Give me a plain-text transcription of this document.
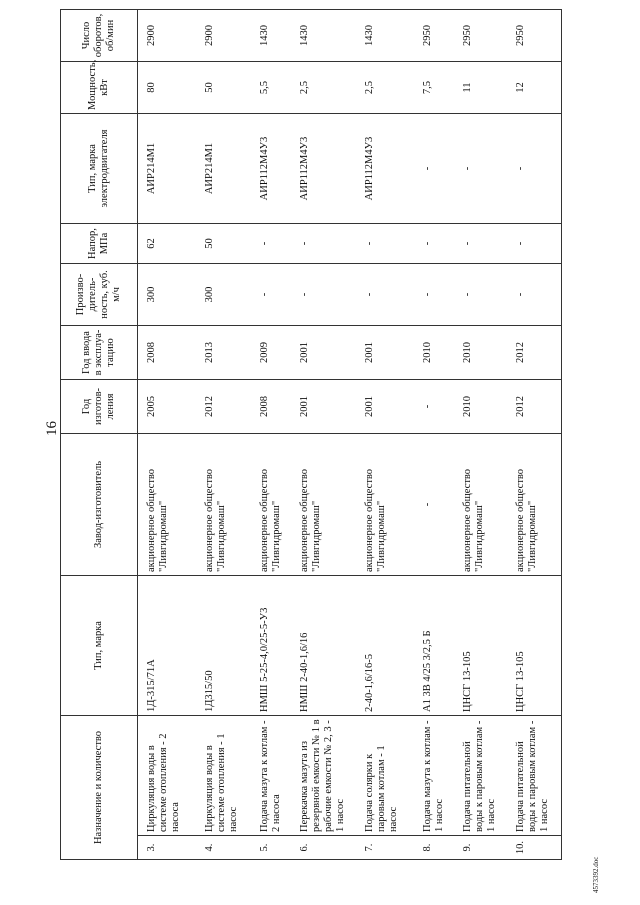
16
4573392.doc
Назначение и количество		Тип, марка	Завод-изготовитель	Год изготов-ления	Год ввода в эксплуа-тацию	Произво-дитель-ность, куб. м/ч	Напор, МПа	Тип, марка электродвигателя	Мощность, кВт	Число оборотов, об/мин
3.	Циркуляция воды в системе отопления - 2 насоса	1Д-315/71А	акционерное общество "Ливгидромаш"	2005	2008	300	62	АИР214М1	80	2900
4.	Циркуляция воды в системе отопления - 1 насос	1Д315/50	акционерное общество "Ливгидромаш"	2012	2013	300	50	АИР214М1	50	2900
5.	Подача мазута к котлам - 2 насоса	НМШ 5-25-4,0/25-5-У3	акционерное общество "Ливгидромаш"	2008	2009	-	-	АИР112М4У3	5,5	1430
6.	Перекачка мазута из резервной емкости № 1 в рабочие емкости № 2, 3 - 1 насос	НМШ 2-40-1,6/16	акционерное общество "Ливгидромаш"	2001	2001	-	-	АИР112М4У3	2,5	1430
7.	Подача солярки к паровым котлам - 1 насос	2-40-1,6/16-5	акционерное общество "Ливгидромаш"	2001	2001	-	-	АИР112М4У3	2,5	1430
8.	Подача мазута к котлам - 1 насос	А1 3В 4/25 3/2,5 Б	-	-	2010	-	-	-	7,5	2950
9.	Подача питательной воды к паровым котлам - 1 насос	ЦНСГ 13-105	акционерное общество "Ливгидромаш"	2010	2010	-	-	-	11	2950
10.	Подача питательной воды к паровым котлам - 1 насос	ЦНСГ 13-105	акционерное общество "Ливгидромаш"	2012	2012	-	-	-	12	2950
